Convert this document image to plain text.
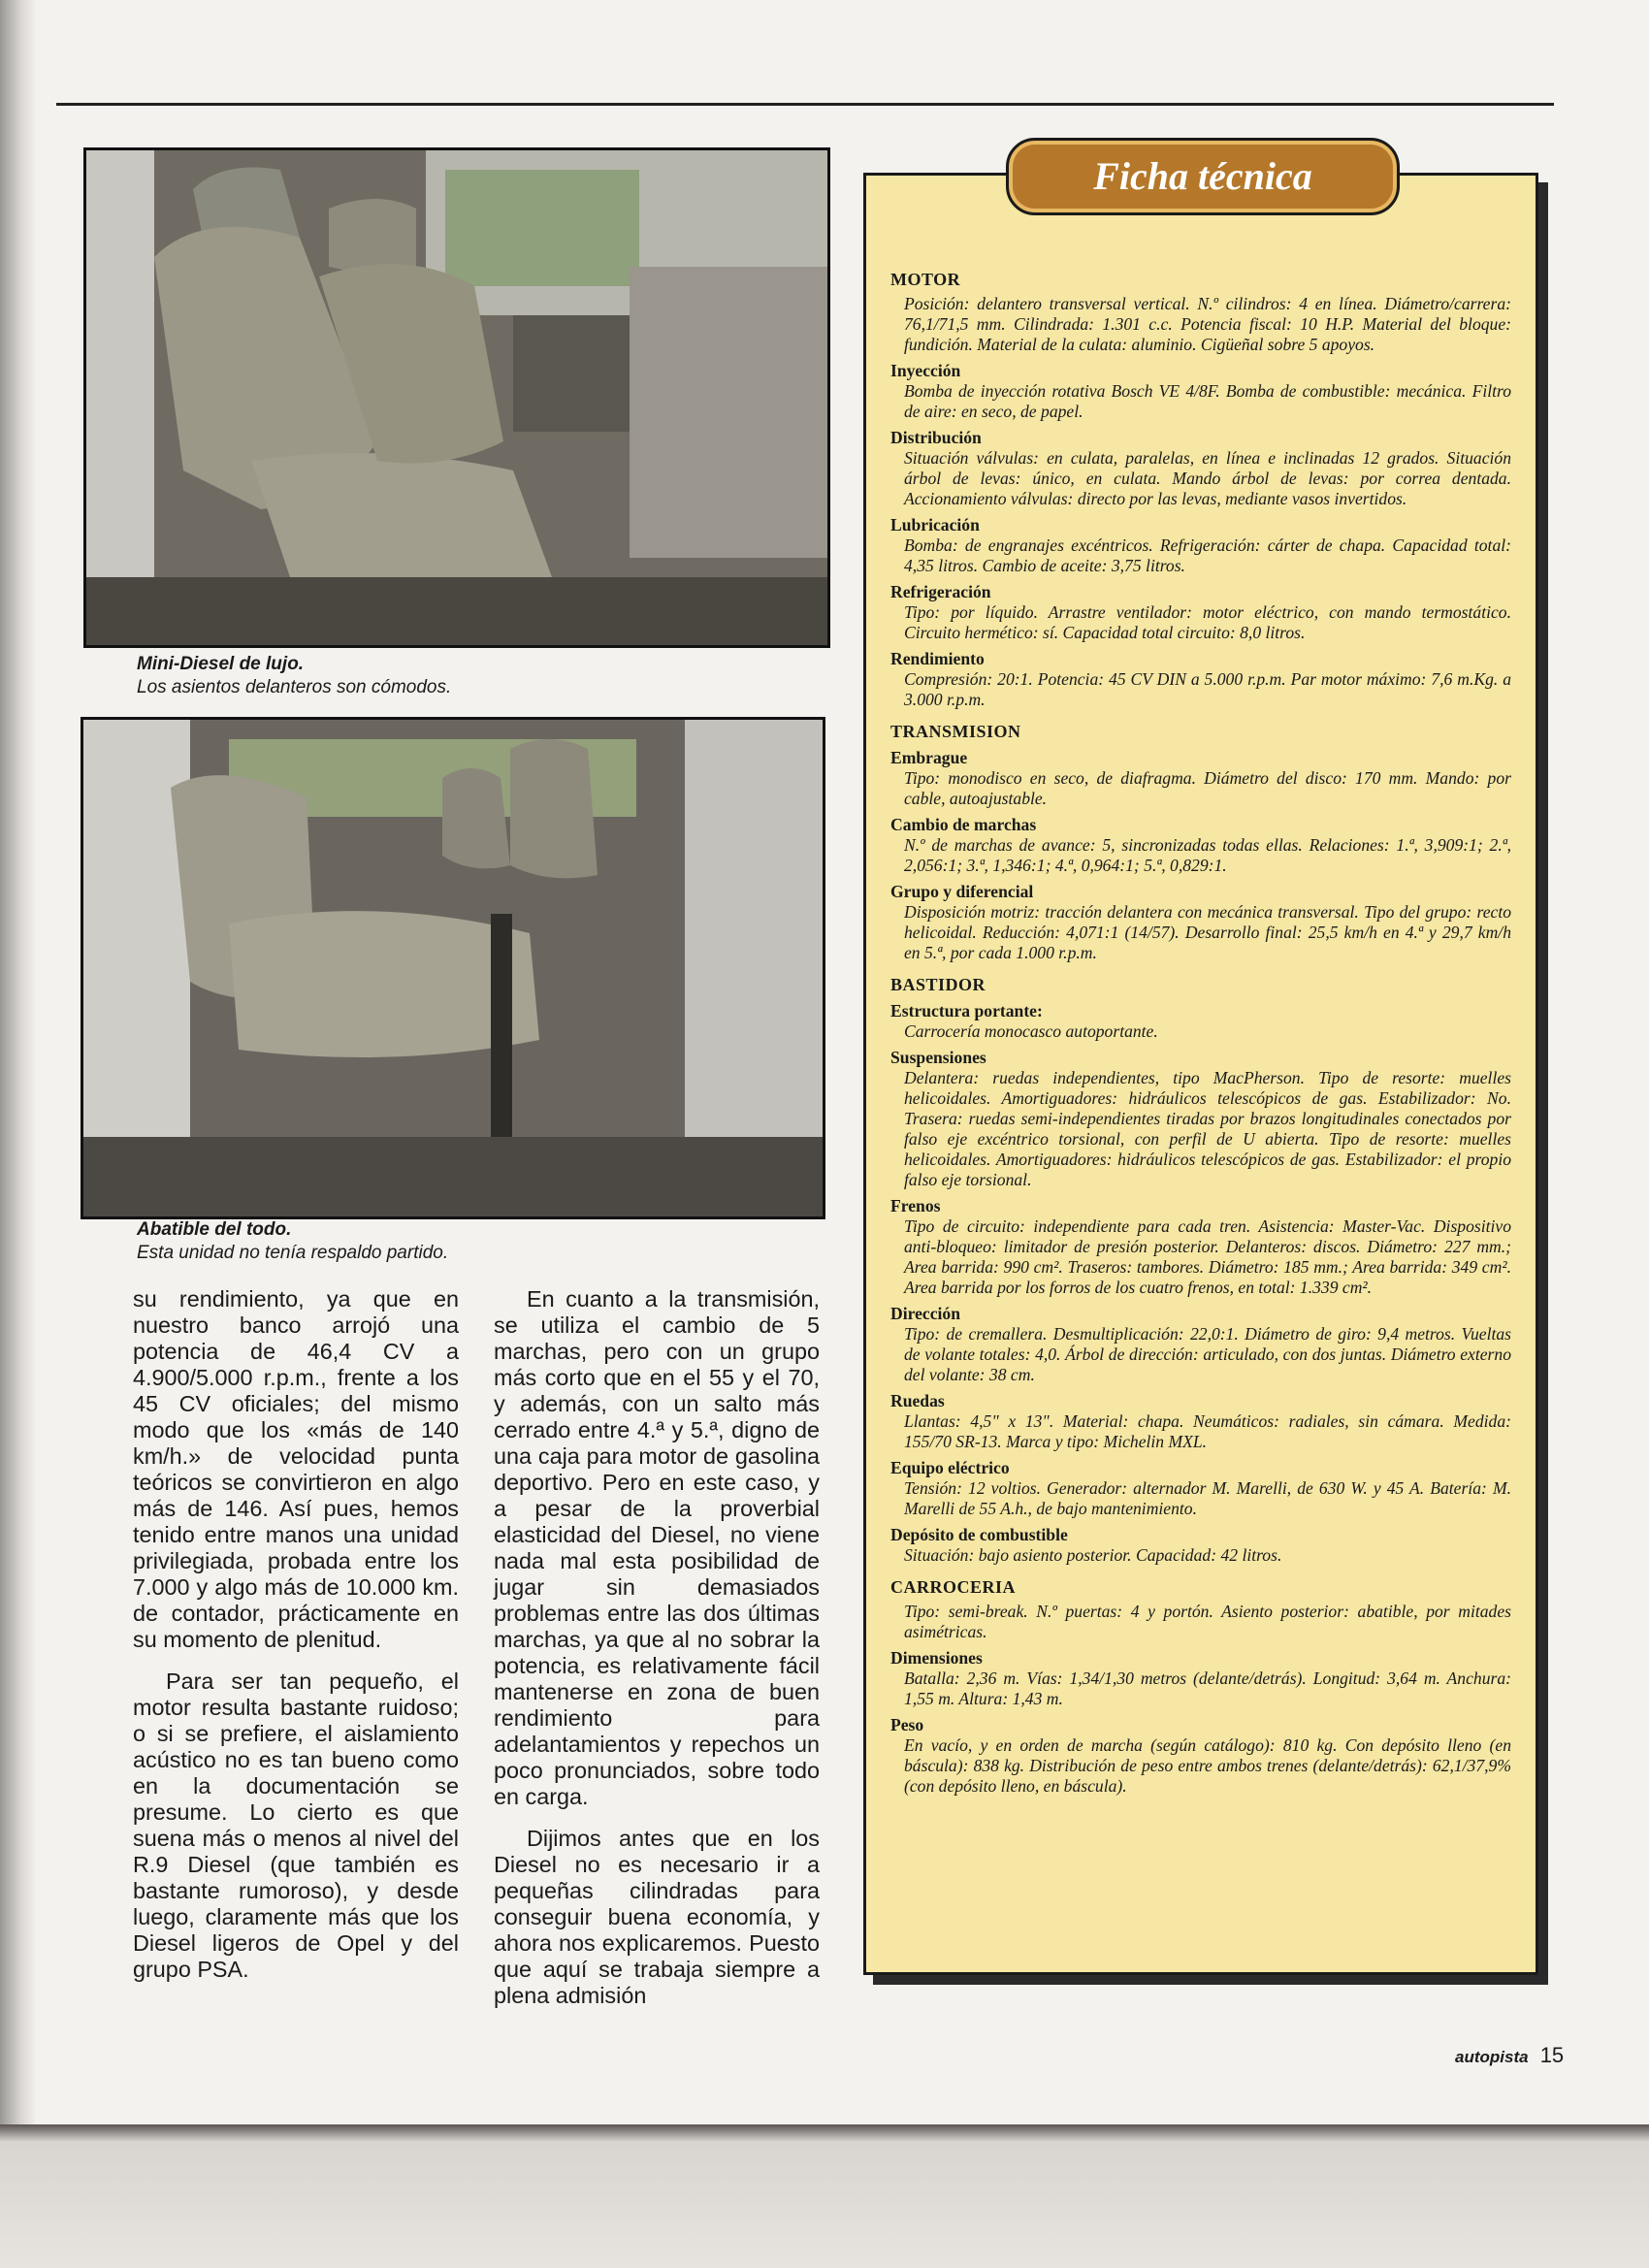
Mini-Diesel de lujo.
Los asientos delanteros son cómodos.
Abatible del todo.
Esta unidad no tenía respaldo partido.

su rendimiento, ya que en nuestro banco arrojó una potencia de 46,4 CV a 4.900/5.000 r.p.m., frente a los 45 CV oficiales; del mismo modo que los «más de 140 km/h.» de velocidad punta teóricos se convirtieron en algo más de 146. Así pues, hemos tenido entre manos una unidad privilegiada, probada entre los 7.000 y algo más de 10.000 km. de contador, prácticamente en su momento de plenitud.

Para ser tan pequeño, el motor resulta bastante ruidoso; o si se prefiere, el aislamiento acústico no es tan bueno como en la documentación se presume. Lo cierto es que suena más o menos al nivel del R.9 Diesel (que también es bastante rumoroso), y desde luego, claramente más que los Diesel ligeros de Opel y del grupo PSA.

En cuanto a la transmisión, se utiliza el cambio de 5 marchas, pero con un grupo más corto que en el 55 y el 70, y además, con un salto más cerrado entre 4.ª y 5.ª, digno de una caja para motor de gasolina deportivo. Pero en este caso, y a pesar de la proverbial elasticidad del Diesel, no viene nada mal esta posibilidad de jugar sin demasiados problemas entre las dos últimas marchas, ya que al no sobrar la potencia, es relativamente fácil mantenerse en zona de buen rendimiento para adelantamientos y repechos un poco pronunciados, sobre todo en carga.

Dijimos antes que en los Diesel no es necesario ir a pequeñas cilindradas para conseguir buena economía, y ahora nos explicaremos. Puesto que aquí se trabaja siempre a plena admisión

Ficha técnica
MOTOR
Posición: delantero transversal vertical. N.º cilindros: 4 en línea. Diámetro/carrera: 76,1/71,5 mm. Cilindrada: 1.301 c.c. Potencia fiscal: 10 H.P. Material del bloque: fundición. Material de la culata: aluminio. Cigüeñal sobre 5 apoyos.
Inyección
Bomba de inyección rotativa Bosch VE 4/8F. Bomba de combustible: mecánica. Filtro de aire: en seco, de papel.
Distribución
Situación válvulas: en culata, paralelas, en línea e inclinadas 12 grados. Situación árbol de levas: único, en culata. Mando árbol de levas: por correa dentada. Accionamiento válvulas: directo por las levas, mediante vasos invertidos.
Lubricación
Bomba: de engranajes excéntricos. Refrigeración: cárter de chapa. Capacidad total: 4,35 litros. Cambio de aceite: 3,75 litros.
Refrigeración
Tipo: por líquido. Arrastre ventilador: motor eléctrico, con mando termostático. Circuito hermético: sí. Capacidad total circuito: 8,0 litros.
Rendimiento
Compresión: 20:1. Potencia: 45 CV DIN a 5.000 r.p.m. Par motor máximo: 7,6 m.Kg. a 3.000 r.p.m.
TRANSMISION
Embrague
Tipo: monodisco en seco, de diafragma. Diámetro del disco: 170 mm. Mando: por cable, autoajustable.
Cambio de marchas
N.º de marchas de avance: 5, sincronizadas todas ellas. Relaciones: 1.ª, 3,909:1; 2.ª, 2,056:1; 3.ª, 1,346:1; 4.ª, 0,964:1; 5.ª, 0,829:1.
Grupo y diferencial
Disposición motriz: tracción delantera con mecánica transversal. Tipo del grupo: recto helicoidal. Reducción: 4,071:1 (14/57). Desarrollo final: 25,5 km/h en 4.ª y 29,7 km/h en 5.ª, por cada 1.000 r.p.m.
BASTIDOR
Estructura portante:
Carrocería monocasco autoportante.
Suspensiones
Delantera: ruedas independientes, tipo MacPherson. Tipo de resorte: muelles helicoidales. Amortiguadores: hidráulicos telescópicos de gas. Estabilizador: No. Trasera: ruedas semi-independientes tiradas por brazos longitudinales conectados por falso eje excéntrico torsional, con perfil de U abierta. Tipo de resorte: muelles helicoidales. Amortiguadores: hidráulicos telescópicos de gas. Estabilizador: el propio falso eje torsional.
Frenos
Tipo de circuito: independiente para cada tren. Asistencia: Master-Vac. Dispositivo anti-bloqueo: limitador de presión posterior. Delanteros: discos. Diámetro: 227 mm.; Area barrida: 990 cm². Traseros: tambores. Diámetro: 185 mm.; Area barrida: 349 cm². Area barrida por los forros de los cuatro frenos, en total: 1.339 cm².
Dirección
Tipo: de cremallera. Desmultiplicación: 22,0:1. Diámetro de giro: 9,4 metros. Vueltas de volante totales: 4,0. Árbol de dirección: articulado, con dos juntas. Diámetro externo del volante: 38 cm.
Ruedas
Llantas: 4,5" x 13". Material: chapa. Neumáticos: radiales, sin cámara. Medida: 155/70 SR-13. Marca y tipo: Michelin MXL.
Equipo eléctrico
Tensión: 12 voltios. Generador: alternador M. Marelli, de 630 W. y 45 A. Batería: M. Marelli de 55 A.h., de bajo mantenimiento.
Depósito de combustible
Situación: bajo asiento posterior. Capacidad: 42 litros.
CARROCERIA
Tipo: semi-break. N.º puertas: 4 y portón. Asiento posterior: abatible, por mitades asimétricas.
Dimensiones
Batalla: 2,36 m. Vías: 1,34/1,30 metros (delante/detrás). Longitud: 3,64 m. Anchura: 1,55 m. Altura: 1,43 m.
Peso
En vacío, y en orden de marcha (según catálogo): 810 kg. Con depósito lleno (en báscula): 838 kg. Distribución de peso entre ambos trenes (delante/detrás): 62,1/37,9% (con depósito lleno, en báscula).
autopista 15
